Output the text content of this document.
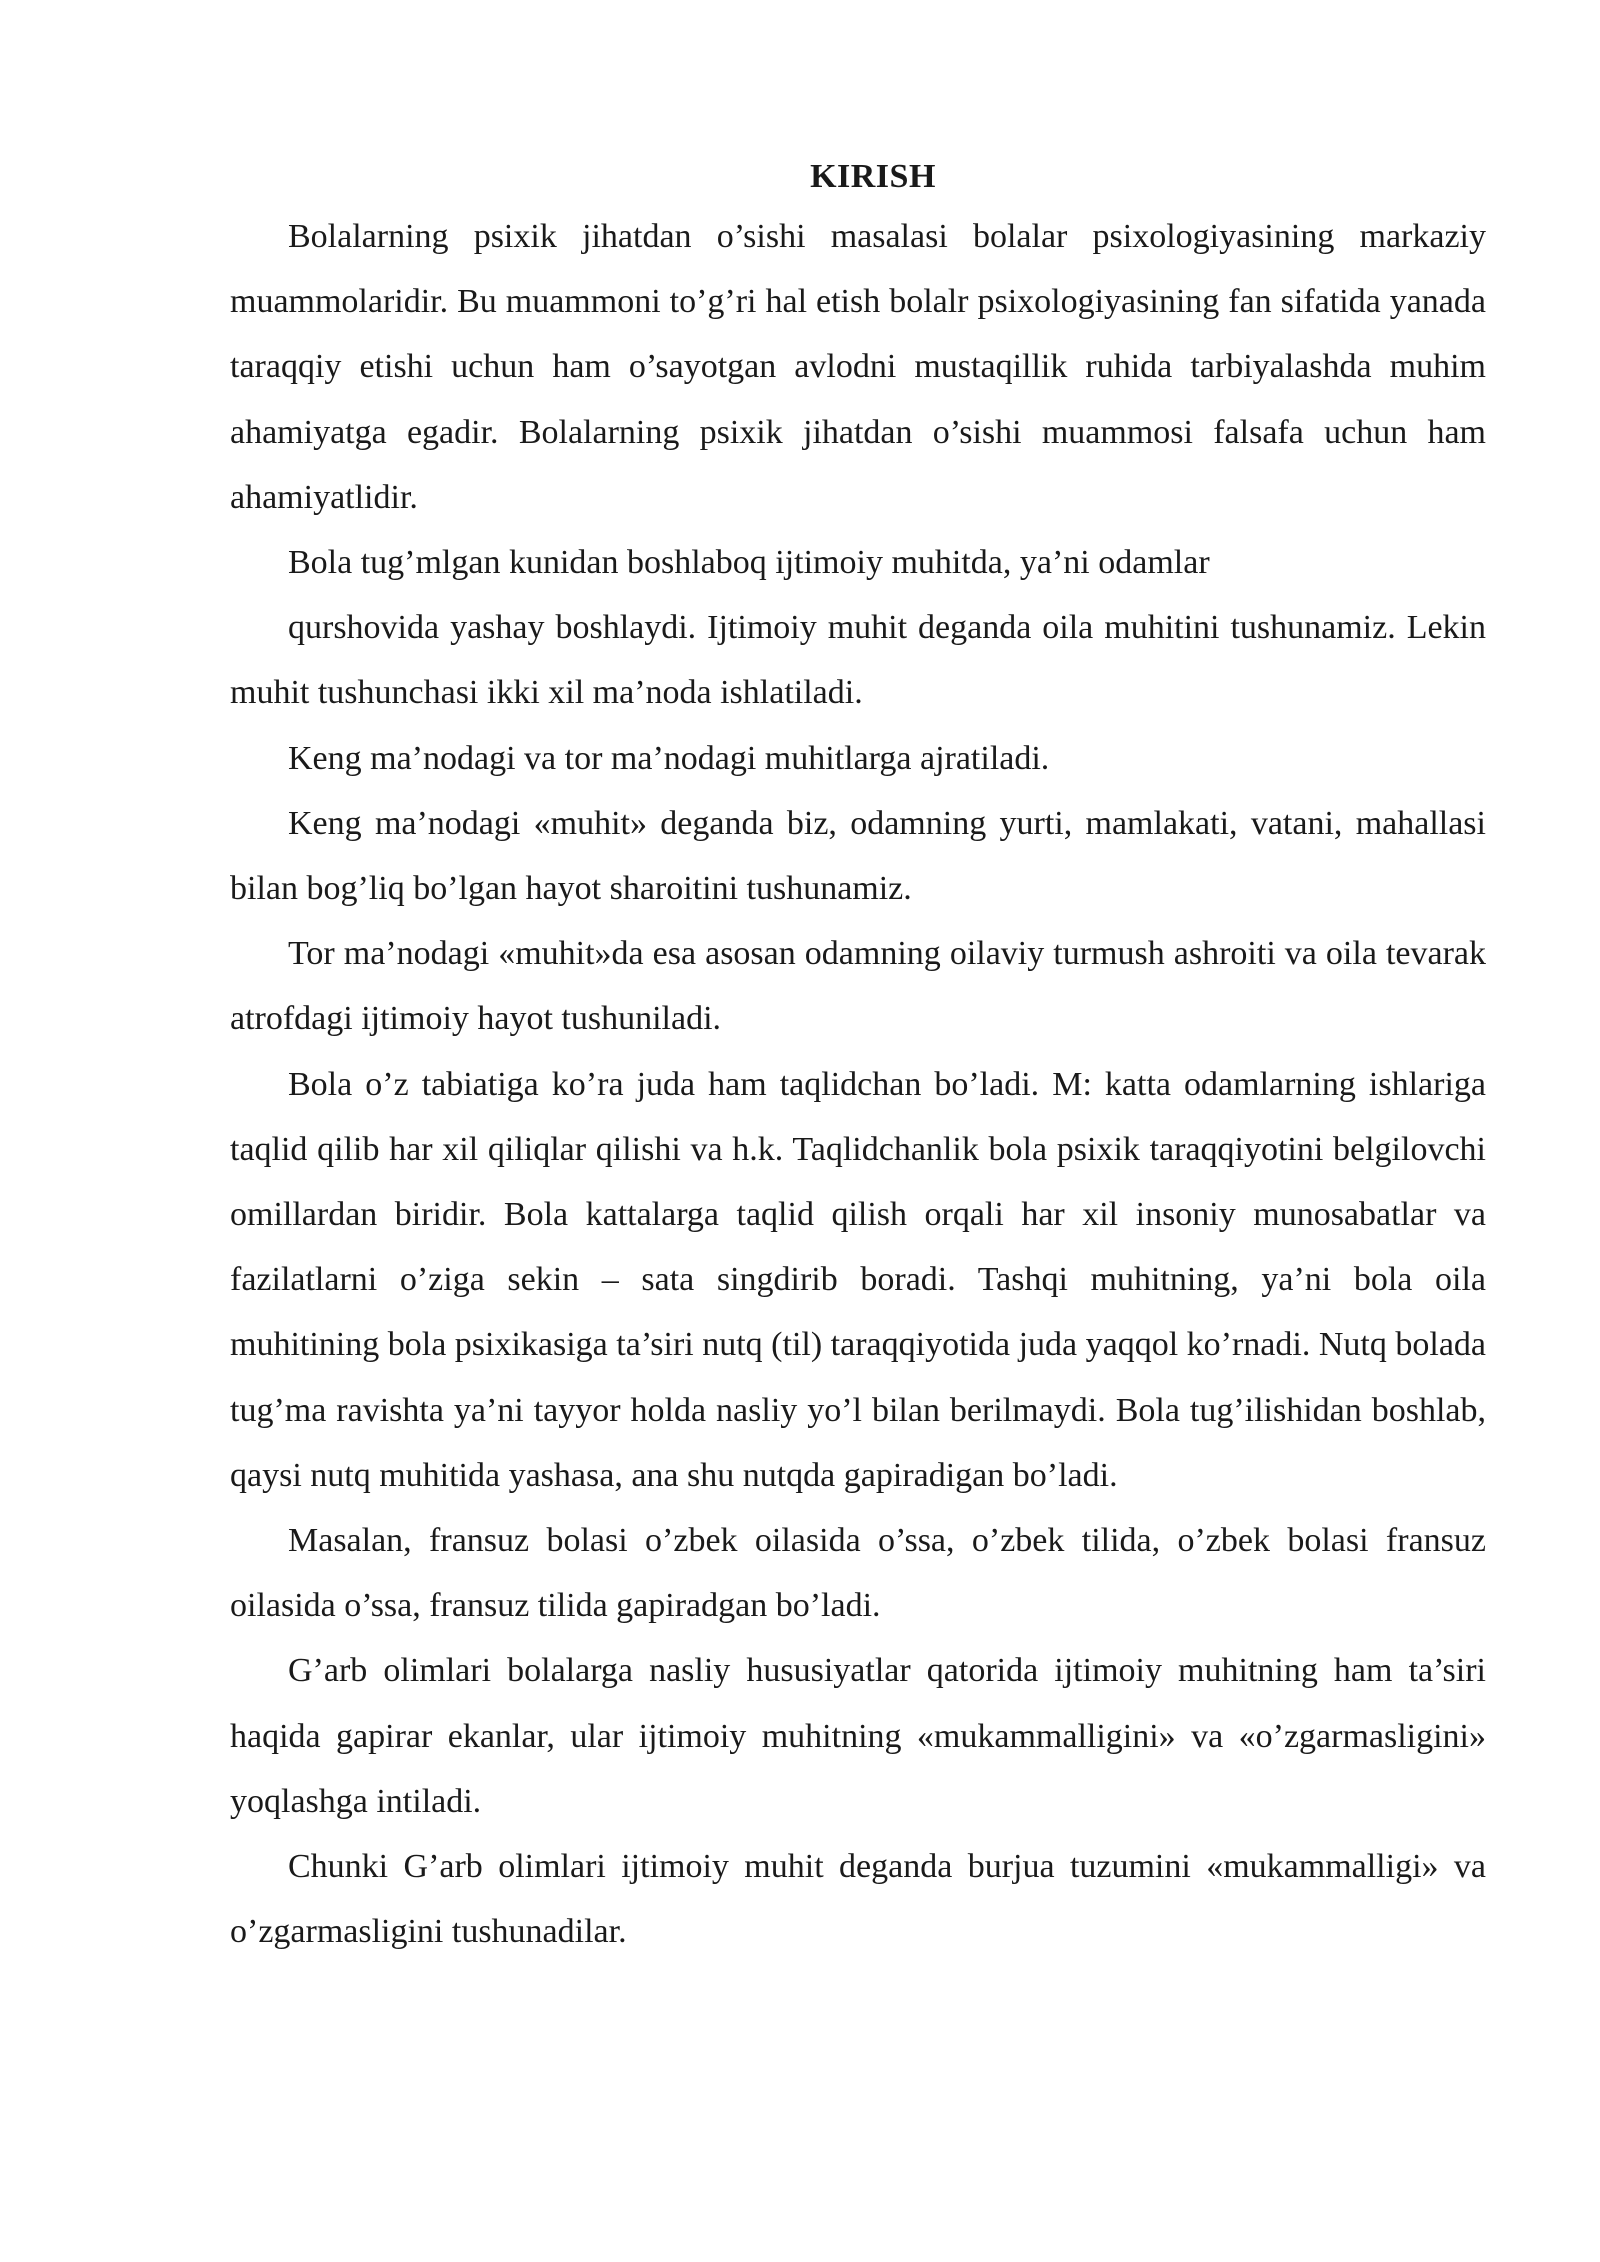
KIRISH

Bolalarning psixik jihatdan o’sishi masalasi bolalar psixologiyasining markaziy muammolaridir. Bu muammoni to’g’ri hal etish bolalr psixologiyasining fan sifatida yanada taraqqiy etishi uchun ham o’sayotgan avlodni mustaqillik ruhida tarbiyalashda muhim ahamiyatga egadir. Bolalarning psixik jihatdan o’sishi muammosi falsafa uchun ham ahamiyatlidir.

Bola tug’mlgan kunidan boshlaboq ijtimoiy muhitda, ya’ni odamlar

qurshovida yashay boshlaydi. Ijtimoiy muhit deganda oila muhitini tushunamiz. Lekin muhit tushunchasi ikki xil ma’noda ishlatiladi.

Keng ma’nodagi va tor ma’nodagi muhitlarga ajratiladi.

Keng ma’nodagi «muhit» deganda biz, odamning yurti, mamlakati, vatani, mahallasi bilan bog’liq bo’lgan hayot sharoitini tushunamiz.

Tor ma’nodagi «muhit»da esa asosan odamning oilaviy turmush ashroiti va oila tevarak atrofdagi ijtimoiy hayot tushuniladi.

Bola o’z tabiatiga ko’ra juda ham taqlidchan bo’ladi. M: katta odamlarning ishlariga taqlid qilib har xil qiliqlar qilishi va h.k. Taqlidchanlik bola psixik taraqqiyotini belgilovchi omillardan biridir. Bola kattalarga taqlid qilish orqali har xil insoniy munosabatlar va fazilatlarni o’ziga sekin – sata singdirib boradi. Tashqi muhitning, ya’ni bola oila muhitining bola psixikasiga ta’siri nutq (til) taraqqiyotida juda yaqqol ko’rnadi. Nutq bolada tug’ma ravishta ya’ni tayyor holda nasliy yo’l bilan berilmaydi. Bola tug’ilishidan boshlab, qaysi nutq muhitida yashasa, ana shu nutqda gapiradigan bo’ladi.

Masalan, fransuz bolasi o’zbek oilasida o’ssa, o’zbek tilida, o’zbek bolasi fransuz oilasida o’ssa, fransuz tilida gapiradgan bo’ladi.

G’arb olimlari bolalarga nasliy hususiyatlar qatorida ijtimoiy muhitning ham ta’siri haqida gapirar ekanlar, ular ijtimoiy muhitning «mukammalligini» va «o’zgarmasligini» yoqlashga intiladi.

Chunki G’arb olimlari ijtimoiy muhit deganda burjua tuzumini «mukammalligi» va o’zgarmasligini tushunadilar.
